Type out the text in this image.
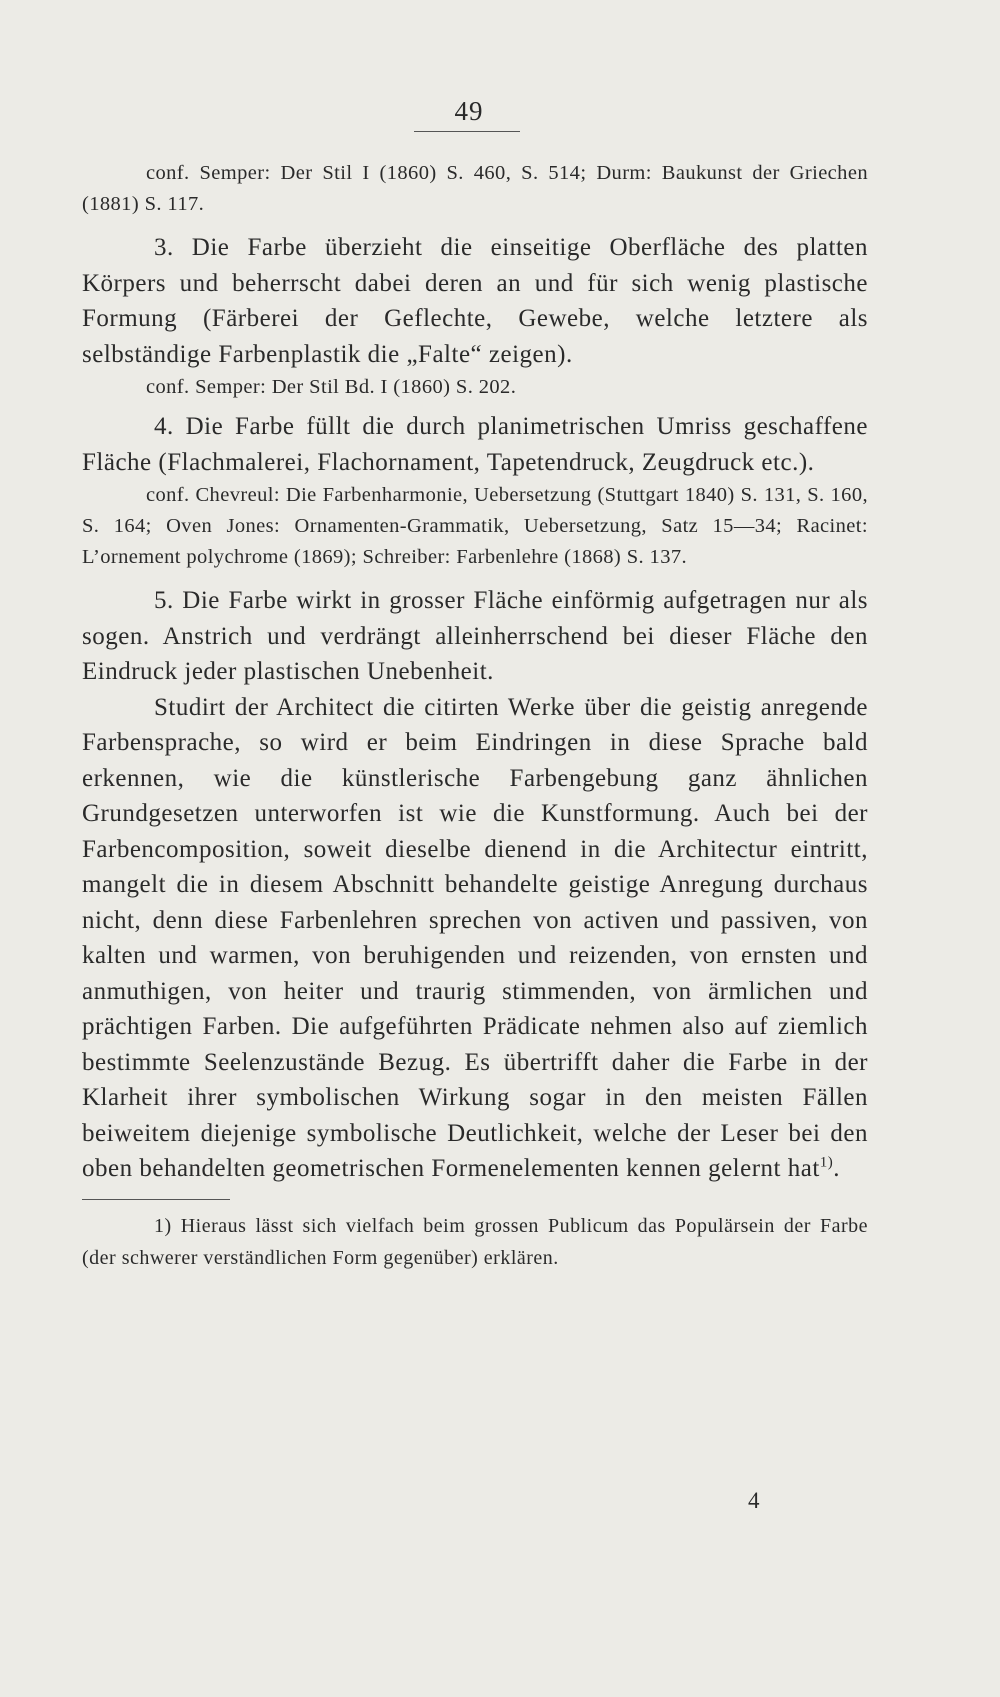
49

conf. Semper: Der Stil I (1860) S. 460, S. 514; Durm: Baukunst der Griechen (1881) S. 117.

3. Die Farbe überzieht die einseitige Oberfläche des platten Körpers und beherrscht dabei deren an und für sich wenig plastische Formung (Färberei der Geflechte, Gewebe, welche letztere als selbständige Farbenplastik die „Falte“ zeigen).

conf. Semper: Der Stil Bd. I (1860) S. 202.

4. Die Farbe füllt die durch planimetrischen Umriss geschaffene Fläche (Flachmalerei, Flachornament, Tapetendruck, Zeugdruck etc.).

conf. Chevreul: Die Farbenharmonie, Uebersetzung (Stuttgart 1840) S. 131, S. 160, S. 164; Oven Jones: Ornamenten-Grammatik, Uebersetzung, Satz 15—34; Racinet: L’ornement polychrome (1869); Schreiber: Farbenlehre (1868) S. 137.

5. Die Farbe wirkt in grosser Fläche einförmig aufgetragen nur als sogen. Anstrich und verdrängt alleinherrschend bei dieser Fläche den Eindruck jeder plastischen Unebenheit.

Studirt der Architect die citirten Werke über die geistig anregende Farbensprache, so wird er beim Eindringen in diese Sprache bald erkennen, wie die künstlerische Farbengebung ganz ähnlichen Grundgesetzen unterworfen ist wie die Kunstformung. Auch bei der Farbencomposition, soweit dieselbe dienend in die Architectur eintritt, mangelt die in diesem Abschnitt behandelte geistige Anregung durchaus nicht, denn diese Farbenlehren sprechen von activen und passiven, von kalten und warmen, von beruhigenden und reizenden, von ernsten und anmuthigen, von heiter und traurig stimmenden, von ärmlichen und prächtigen Farben. Die aufgeführten Prädicate nehmen also auf ziemlich bestimmte Seelenzustände Bezug. Es übertrifft daher die Farbe in der Klarheit ihrer symbolischen Wirkung sogar in den meisten Fällen beiweitem diejenige symbolische Deutlichkeit, welche der Leser bei den oben behandelten geometrischen Formenelementen kennen gelernt hat$^{1)}$.

1) Hieraus lässt sich vielfach beim grossen Publicum das Populärsein der Farbe (der schwerer verständlichen Form gegenüber) erklären.

4
